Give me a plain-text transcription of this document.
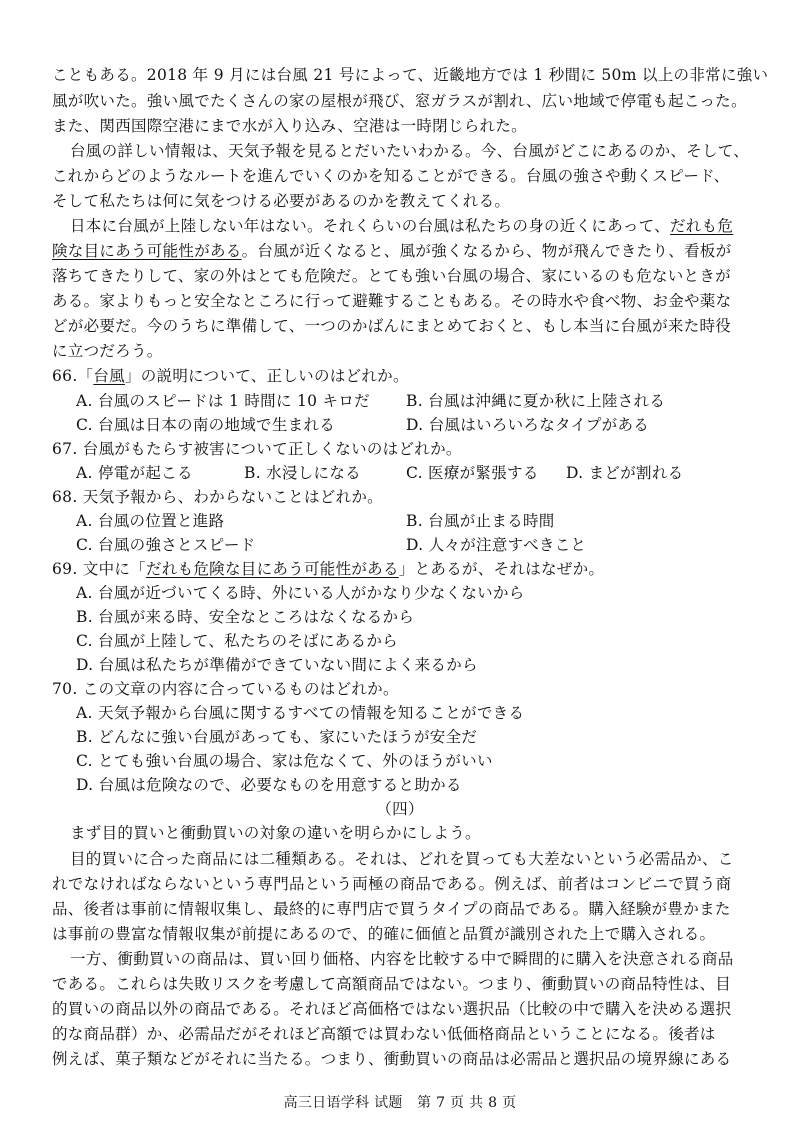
こともある。2018 年 9 月には台風 21 号によって、近畿地方では 1 秒間に 50m 以上の非常に強い
風が吹いた。強い風でたくさんの家の屋根が飛び、窓ガラスが割れ、広い地域で停電も起こった。
また、関西国際空港にまで水が入り込み、空港は一時閉じられた。
台風の詳しい情報は、天気予報を見るとだいたいわかる。今、台風がどこにあるのか、そして、
これからどのようなルートを進んでいくのかを知ることができる。台風の強さや動くスピード、
そして私たちは何に気をつける必要があるのかを教えてくれる。
日本に台風が上陸しない年はない。それくらいの台風は私たちの身の近くにあって、だれも危
険な目にあう可能性がある。台風が近くなると、風が強くなるから、物が飛んできたり、看板が
落ちてきたりして、家の外はとても危険だ。とても強い台風の場合、家にいるのも危ないときが
ある。家よりもっと安全なところに行って避難することもある。その時水や食べ物、お金や薬な
どが必要だ。今のうちに準備して、一つのかばんにまとめておくと、もし本当に台風が来た時役
に立つだろう。
66.「台風」の説明について、正しいのはどれか。
A. 台風のスピードは 1 時間に 10 キロだ	B. 台風は沖縄に夏か秋に上陸される
C. 台風は日本の南の地域で生まれる	D. 台風はいろいろなタイプがある
67. 台風がもたらす被害について正しくないのはどれか。
A. 停電が起こる	B. 水浸しになる	C. 医療が緊張する	D. まどが割れる
68. 天気予報から、わからないことはどれか。
A. 台風の位置と進路	B. 台風が止まる時間
C. 台風の強さとスピード	D. 人々が注意すべきこと
69. 文中に「だれも危険な目にあう可能性がある」とあるが、それはなぜか。
A. 台風が近づいてくる時、外にいる人がかなり少なくないから
B. 台風が来る時、安全なところはなくなるから
C. 台風が上陸して、私たちのそばにあるから
D. 台風は私たちが準備ができていない間によく来るから
70. この文章の内容に合っているものはどれか。
A. 天気予報から台風に関するすべての情報を知ることができる
B. どんなに強い台風があっても、家にいたほうが安全だ
C. とても強い台風の場合、家は危なくて、外のほうがいい
D. 台風は危険なので、必要なものを用意すると助かる
（四）
まず目的買いと衝動買いの対象の違いを明らかにしよう。
目的買いに合った商品には二種類ある。それは、どれを買っても大差ないという必需品か、こ
れでなければならないという専門品という両極の商品である。例えば、前者はコンビニで買う商
品、後者は事前に情報収集し、最終的に専門店で買うタイプの商品である。購入経験が豊かまた
は事前の豊富な情報収集が前提にあるので、的確に価値と品質が識別された上で購入される。
一方、衝動買いの商品は、買い回り価格、内容を比較する中で瞬間的に購入を決意される商品
である。これらは失敗リスクを考慮して高額商品ではない。つまり、衝動買いの商品特性は、目
的買いの商品以外の商品である。それほど高価格ではない選択品（比較の中で購入を決める選択
的な商品群）か、必需品だがそれほど高額では買わない低価格商品ということになる。後者は
例えば、菓子類などがそれに当たる。つまり、衝動買いの商品は必需品と選択品の境界線にある
高三日语学科 试题　第 7 页 共 8 页
